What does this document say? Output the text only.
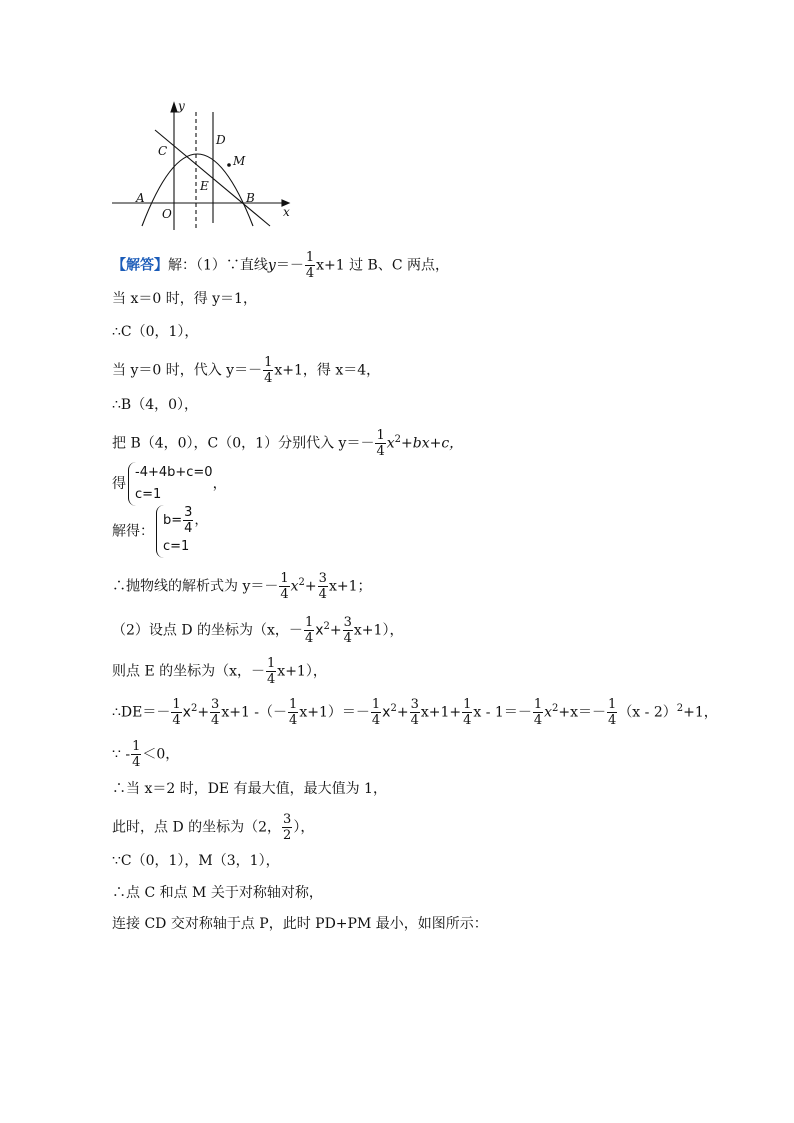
y
x
O
A	B
C
D
E
M
【解答】解：（1）∵直线$y=- \frac{1}{4} x+1$ 过 B、C 两点，
当 x＝0 时，得 y＝1，
∴C（0，1），
当 y＝0 时，代入 $y=- \frac{1}{4} x+1$，得 x＝4，
∴B（4，0），
把 B（4，0），C（0，1）分别代入 $y=- \frac{1}{4} x^2+bx+c$，
得
-4+4b+c=0
c=1
，
解得：
$b= \frac{3}{4}$ ，
c=1
∴抛物线的解析式为 $y=- \frac{1}{4} x^2+ \frac{3}{4} x+1$；
（2）设点 D 的坐标为（x，－ $\frac{1}{4} x^2+ \frac{3}{4} x+1$），
则点 E 的坐标为（x，－ $\frac{1}{4} x+1$），
∴DE＝－ $\frac{1}{4} x^2+ \frac{3}{4} x+1$ -（－ $\frac{1}{4} x+1)=- \frac{1}{4} x^2+ \frac{3}{4} x+1+ \frac{1}{4}$ $x - 1=- \frac{1}{4} x^2+x=- \frac{1}{4} (x - 2)^2+1$，
∵ - $\frac{1}{4} <0$，
∴当 x＝2 时，DE 有最大值，最大值为 1，
此时，点 D 的坐标为（2， $\frac{3}{2}$ ），
∵C（0，1），M（3，1），
∴点 C 和点 M 关于对称轴对称，
连接 CD 交对称轴于点 P，此时 PD+PM 最小，如图所示：
